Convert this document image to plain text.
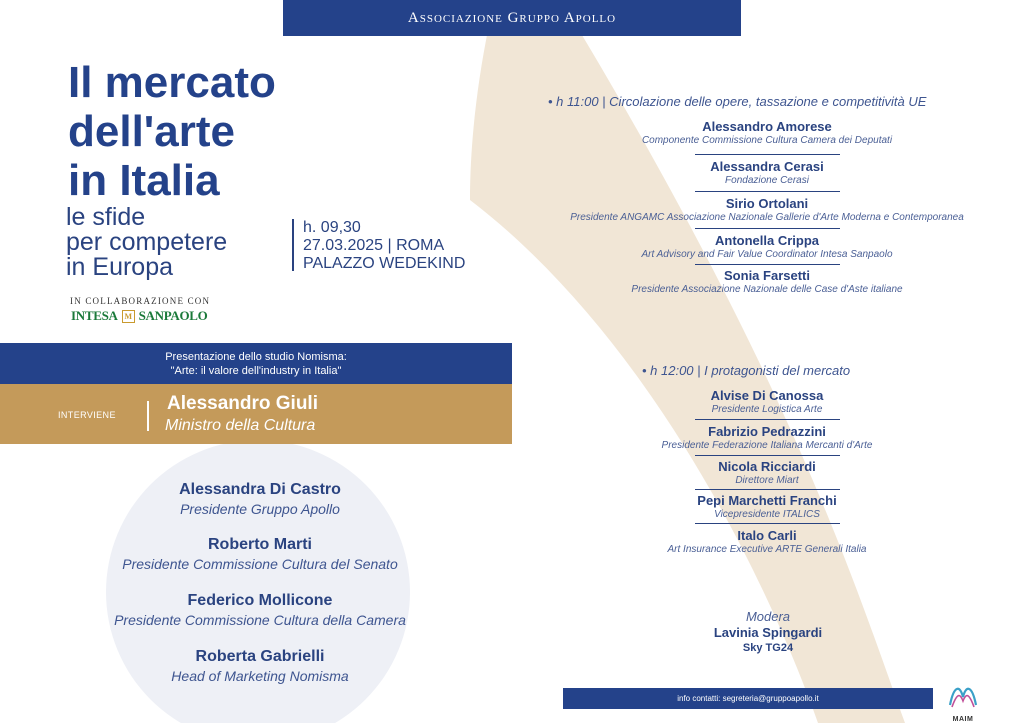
Associazione Gruppo Apollo
Il mercato
dell'arte
in Italia
le sfide
per competere
in Europa
h. 09,30
27.03.2025 | ROMA
PALAZZO WEDEKIND
IN COLLABORAZIONE CON
INTESA M SANPAOLO
Presentazione dello studio Nomisma:
"Arte: il valore dell'industry in Italia"
INTERVIENE
Alessandro Giuli
Ministro della Cultura
Alessandra Di Castro
Presidente Gruppo Apollo
Roberto Marti
Presidente Commissione Cultura del Senato
Federico Mollicone
Presidente Commissione Cultura della Camera
Roberta Gabrielli
Head of Marketing Nomisma
• h 11:00 | Circolazione delle opere, tassazione e competitività UE
Alessandro Amorese
Componente Commissione Cultura Camera dei Deputati
Alessandra Cerasi
Fondazione Cerasi
Sirio Ortolani
Presidente ANGAMC Associazione Nazionale Gallerie d'Arte Moderna e Contemporanea
Antonella Crippa
Art Advisory and Fair Value Coordinator Intesa Sanpaolo
Sonia Farsetti
Presidente Associazione Nazionale delle Case d'Aste italiane
• h 12:00 | I protagonisti del mercato
Alvise Di Canossa
Presidente Logistica Arte
Fabrizio Pedrazzini
Presidente Federazione Italiana Mercanti d'Arte
Nicola Ricciardi
Direttore Miart
Pepi Marchetti Franchi
Vicepresidente ITALICS
Italo Carli
Art Insurance Executive ARTE Generali Italia
Modera
Lavinia Spingardi
Sky TG24
info contatti: segreteria@gruppoapollo.it
MAIM
